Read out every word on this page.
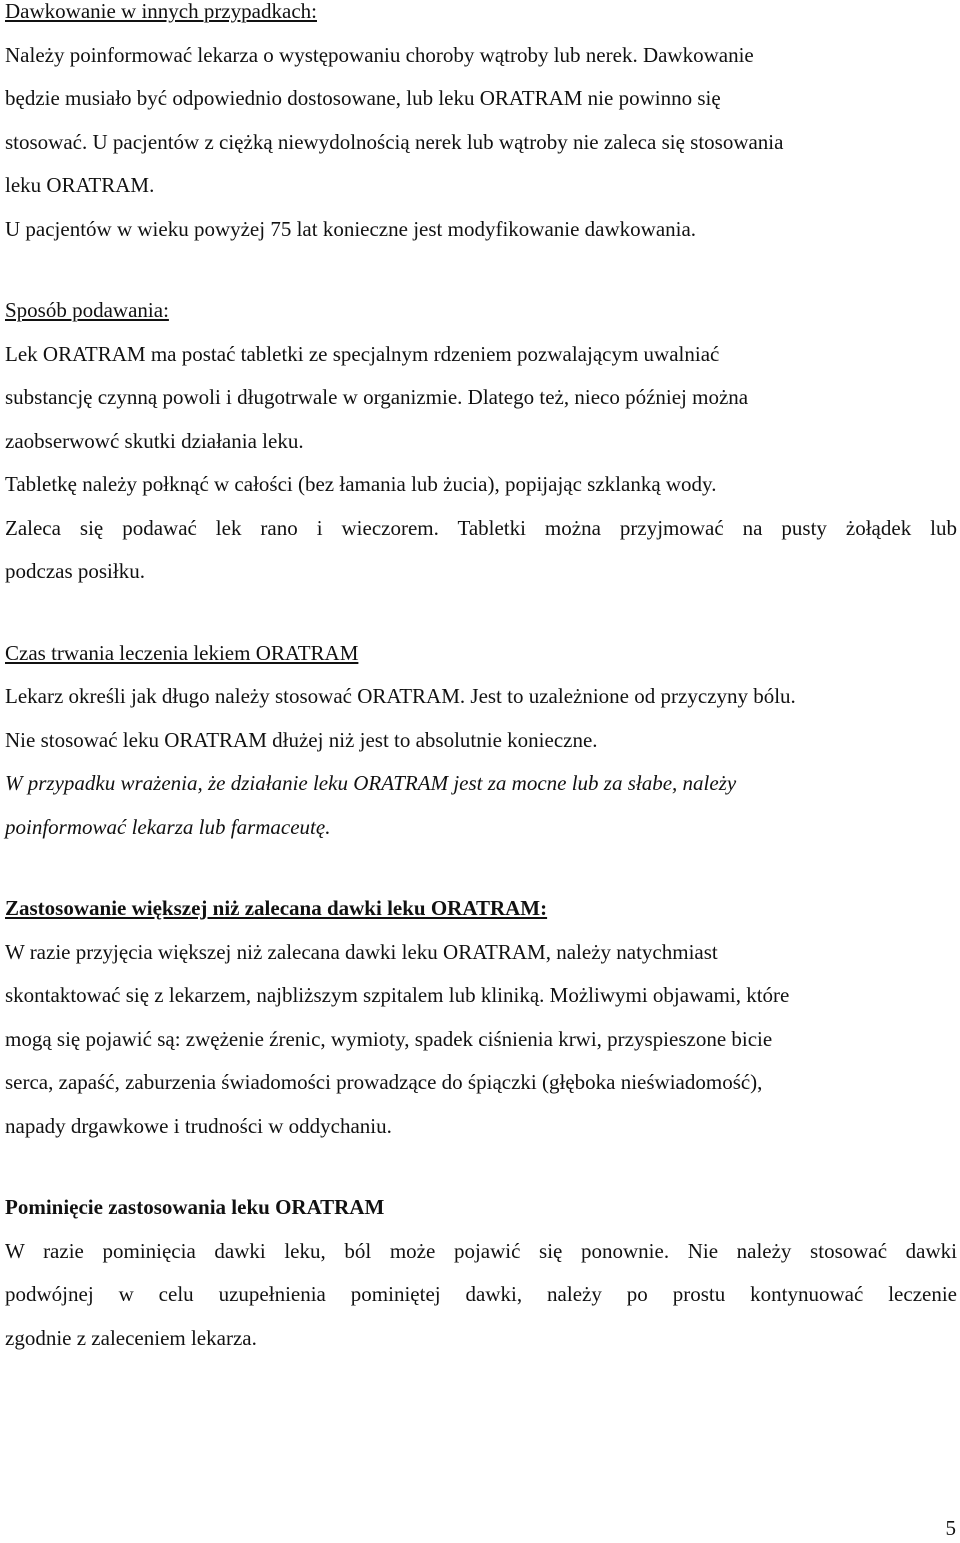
Dawkowanie w innych przypadkach:
Należy poinformować lekarza o występowaniu choroby wątroby lub nerek. Dawkowanie
będzie musiało być odpowiednio dostosowane, lub leku ORATRAM nie powinno się
stosować. U pacjentów z ciężką niewydolnością nerek lub wątroby nie zaleca się stosowania
leku ORATRAM.
U pacjentów w wieku powyżej 75 lat konieczne jest modyfikowanie dawkowania.
Sposób podawania:
Lek ORATRAM ma postać tabletki ze specjalnym rdzeniem pozwalającym uwalniać
substancję czynną powoli i długotrwale w organizmie. Dlatego też, nieco później można
zaobserwowć skutki działania leku.
Tabletkę należy połknąć w całości (bez łamania lub żucia), popijając szklanką wody.
Zaleca się podawać lek rano i wieczorem. Tabletki można przyjmować na pusty żołądek lub
podczas posiłku.
Czas trwania leczenia lekiem ORATRAM
Lekarz określi jak długo należy stosować ORATRAM. Jest to uzależnione od przyczyny bólu.
Nie stosować leku ORATRAM dłużej niż jest to absolutnie konieczne.
W przypadku wrażenia, że działanie leku ORATRAM jest za mocne lub za słabe, należy
poinformować lekarza lub farmaceutę.
Zastosowanie większej niż zalecana dawki leku ORATRAM:
W razie przyjęcia większej niż zalecana dawki leku ORATRAM, należy natychmiast
skontaktować się z lekarzem, najbliższym szpitalem lub kliniką. Możliwymi objawami, które
mogą się pojawić są: zwężenie źrenic, wymioty, spadek ciśnienia krwi, przyspieszone bicie
serca, zapaść, zaburzenia świadomości prowadzące do śpiączki (głęboka nieświadomość),
napady drgawkowe i trudności w oddychaniu.
Pominięcie zastosowania leku ORATRAM
W razie pominięcia dawki leku, ból może pojawić się ponownie. Nie należy stosować dawki
podwójnej w celu uzupełnienia pominiętej dawki, należy po prostu kontynuować leczenie
zgodnie z zaleceniem lekarza.
5
